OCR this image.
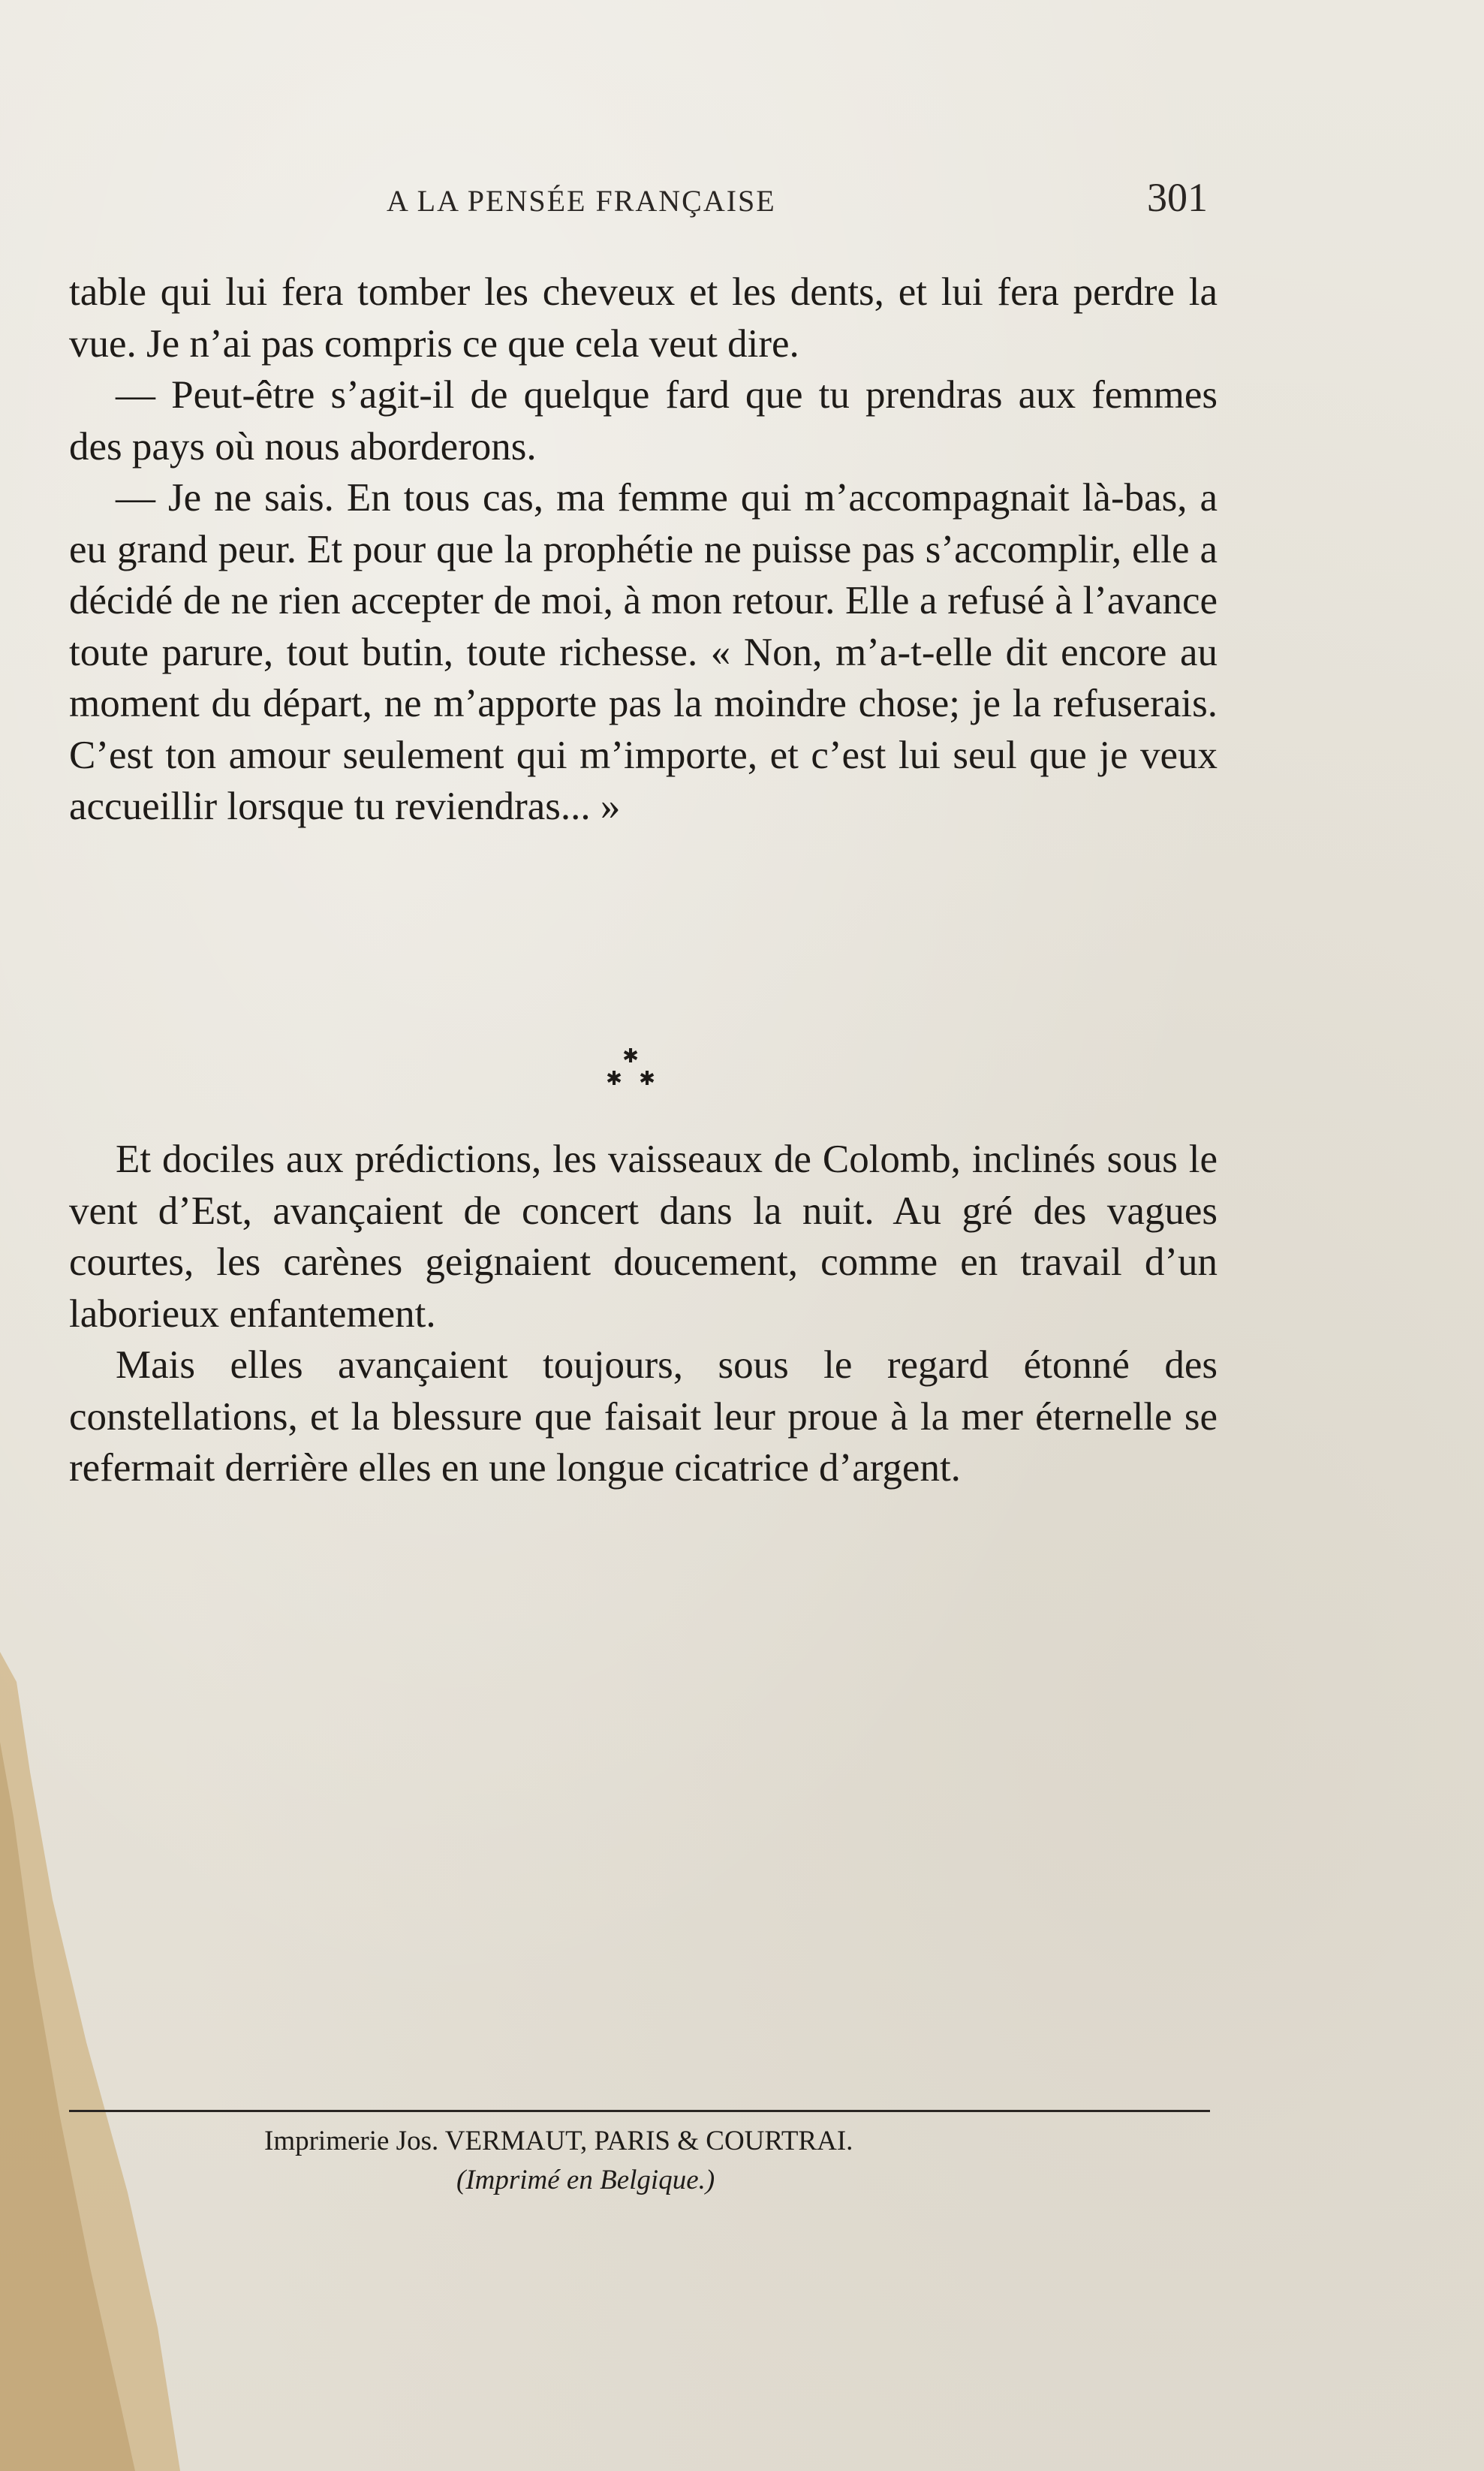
A LA PENSÉE FRANÇAISE	301

table qui lui fera tomber les cheveux et les dents, et lui fera perdre la vue. Je n’ai pas compris ce que cela veut dire.

— Peut-être s’agit-il de quelque fard que tu prendras aux femmes des pays où nous aborderons.

— Je ne sais. En tous cas, ma femme qui m’accompagnait là-bas, a eu grand peur. Et pour que la prophétie ne puisse pas s’accomplir, elle a décidé de ne rien accepter de moi, à mon retour. Elle a refusé à l’avance toute parure, tout butin, toute richesse. « Non, m’a-t-elle dit encore au moment du départ, ne m’apporte pas la moindre chose; je la refuserais. C’est ton amour seulement qui m’importe, et c’est lui seul que je veux accueillir lorsque tu reviendras... »

✱
✱ ✱

Et dociles aux prédictions, les vaisseaux de Colomb, inclinés sous le vent d’Est, avançaient de concert dans la nuit. Au gré des vagues courtes, les carènes geignaient doucement, comme en travail d’un laborieux enfantement.

Mais elles avançaient toujours, sous le regard étonné des constellations, et la blessure que faisait leur proue à la mer éternelle se refermait derrière elles en une longue cicatrice d’argent.

Imprimerie Jos. VERMAUT, PARIS & COURTRAI.
(Imprimé en Belgique.)
